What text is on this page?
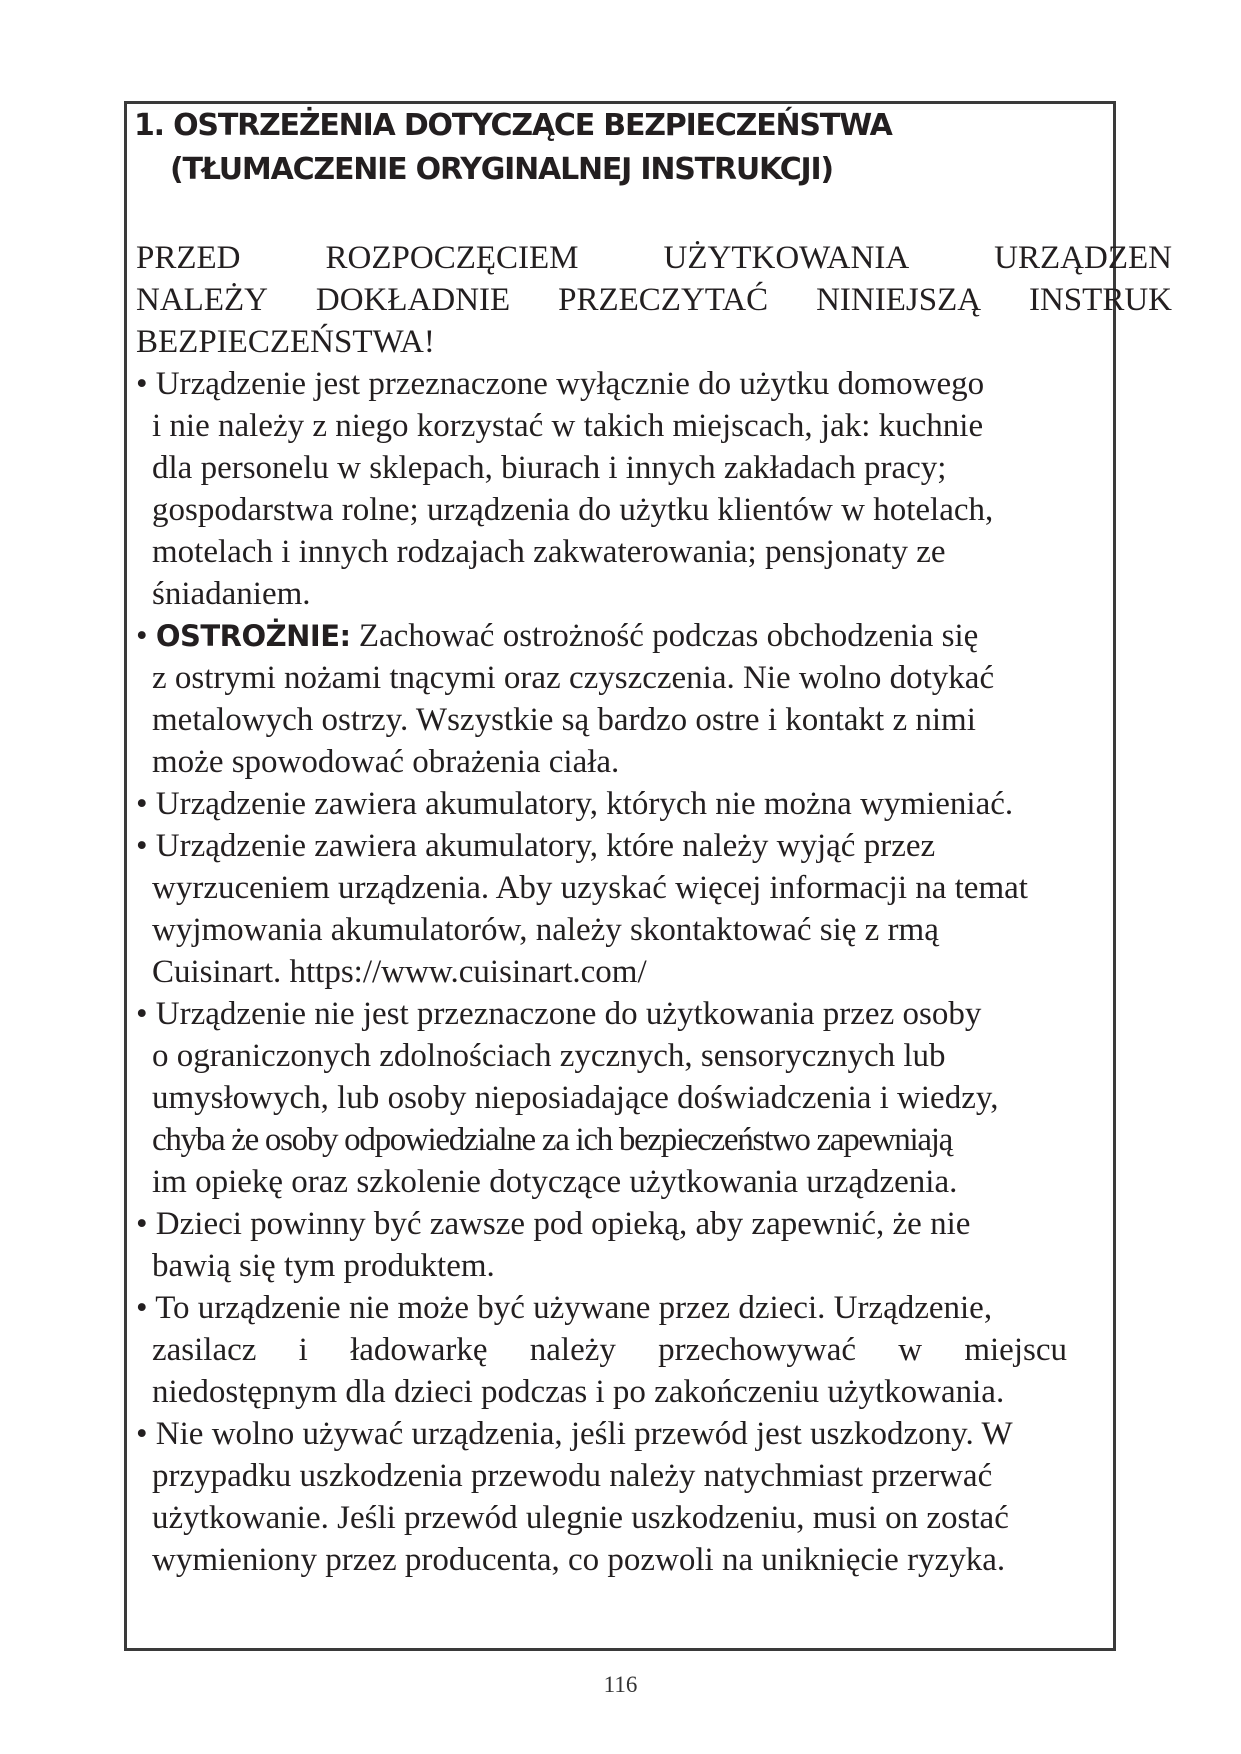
1. OSTRZEŻENIA DOTYCZĄCE BEZPIECZEŃSTWA
(TŁUMACZENIE ORYGINALNEJ INSTRUKCJI)
PRZED	ROZPOCZĘCIEM	UŻYTKOWANIA	URZĄDZEN
NALEŻY DOKŁADNIE PRZECZYTAĆ NINIEJSZĄ INSTRUK
BEZPIECZEŃSTWA!
• Urządzenie jest przeznaczone wyłącznie do użytku domowego
i nie należy z niego korzystać w takich miejscach, jak: kuchnie
dla personelu w sklepach, biurach i innych zakładach pracy;
gospodarstwa rolne; urządzenia do użytku klientów w hotelach,
motelach i innych rodzajach zakwaterowania; pensjonaty ze
śniadaniem.
• OSTROŻNIE: Zachować ostrożność podczas obchodzenia się
z ostrymi nożami tnącymi oraz czyszczenia. Nie wolno dotykać
metalowych ostrzy. Wszystkie są bardzo ostre i kontakt z nimi
może spowodować obrażenia ciała.
• Urządzenie zawiera akumulatory, których nie można wymieniać.
• Urządzenie zawiera akumulatory, które należy wyjąć przez
wyrzuceniem urządzenia. Aby uzyskać więcej informacji na temat
wyjmowania akumulatorów, należy skontaktować się z rmą
Cuisinart. https://www.cuisinart.com/
• Urządzenie nie jest przeznaczone do użytkowania przez osoby
o ograniczonych zdolnościach zycznych, sensorycznych lub
umysłowych, lub osoby nieposiadające doświadczenia i wiedzy,
chyba że osoby odpowiedzialne za ich bezpieczeństwo zapewniają
im opiekę oraz szkolenie dotyczące użytkowania urządzenia.
• Dzieci powinny być zawsze pod opieką, aby zapewnić, że nie
bawią się tym produktem.
• To urządzenie nie może być używane przez dzieci. Urządzenie,
zasilacz i ładowarkę należy przechowywać w miejscu
niedostępnym dla dzieci podczas i po zakończeniu użytkowania.
• Nie wolno używać urządzenia, jeśli przewód jest uszkodzony. W
przypadku uszkodzenia przewodu należy natychmiast przerwać
użytkowanie. Jeśli przewód ulegnie uszkodzeniu, musi on zostać
wymieniony przez producenta, co pozwoli na uniknięcie ryzyka.
116
